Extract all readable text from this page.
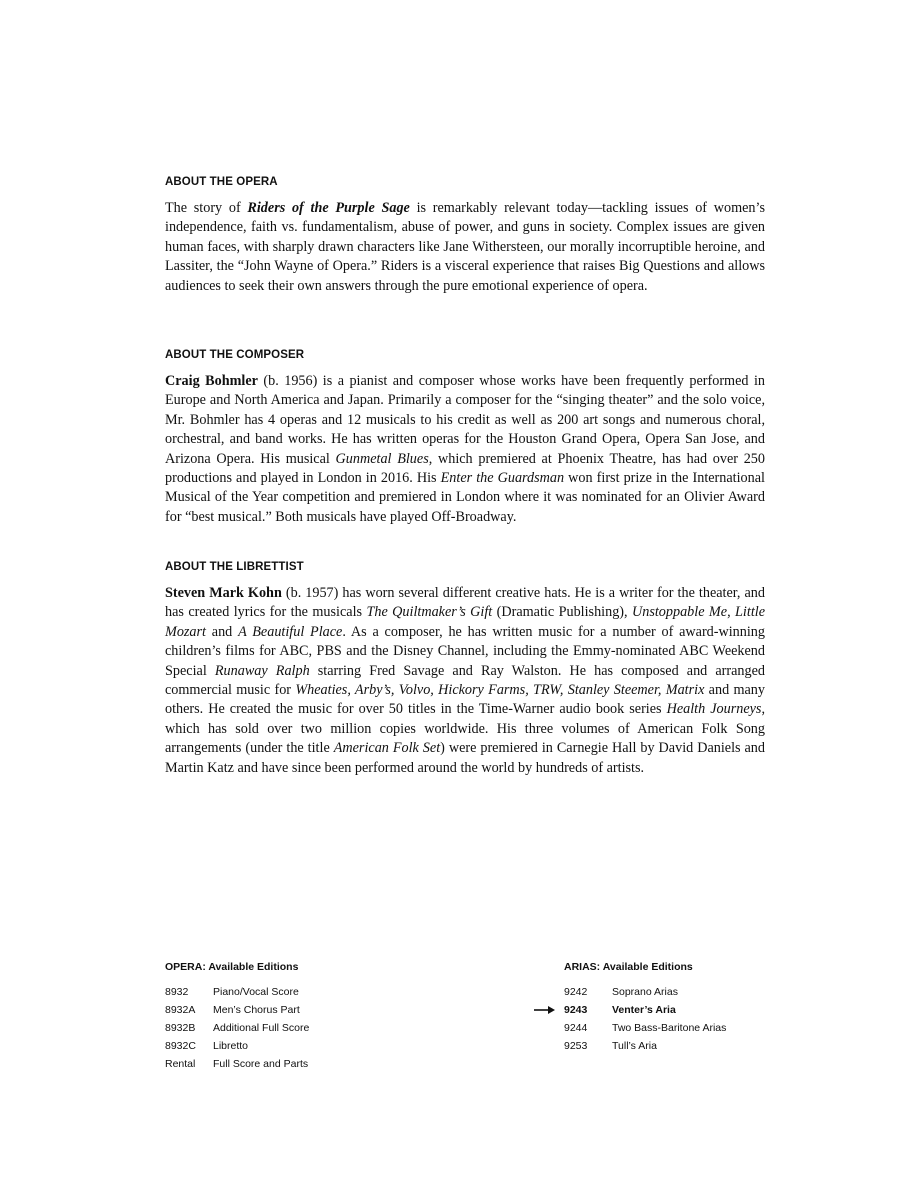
ABOUT THE OPERA

The story of Riders of the Purple Sage is remarkably relevant today—tackling issues of women’s independence, faith vs. fundamentalism, abuse of power, and guns in society. Complex issues are given human faces, with sharply drawn characters like Jane Withersteen, our morally incorruptible heroine, and Lassiter, the “John Wayne of Opera.” Riders is a visceral experience that raises Big Questions and allows audiences to seek their own answers through the pure emotional experience of opera.

ABOUT THE COMPOSER

Craig Bohmler (b. 1956) is a pianist and composer whose works have been frequently performed in Europe and North America and Japan. Primarily a composer for the “singing theater” and the solo voice, Mr. Bohmler has 4 operas and 12 musicals to his credit as well as 200 art songs and numerous choral, orchestral, and band works. He has written operas for the Houston Grand Opera, Opera San Jose, and Arizona Opera. His musical Gunmetal Blues, which premiered at Phoenix Theatre, has had over 250 productions and played in London in 2016. His Enter the Guardsman won first prize in the International Musical of the Year competition and premiered in London where it was nominated for an Olivier Award for “best musical.” Both musicals have played Off-Broadway.

ABOUT THE LIBRETTIST

Steven Mark Kohn (b. 1957) has worn several different creative hats. He is a writer for the theater, and has created lyrics for the musicals The Quiltmaker’s Gift (Dramatic Publishing), Unstoppable Me, Little Mozart and A Beautiful Place. As a composer, he has written music for a number of award-winning children’s films for ABC, PBS and the Disney Channel, including the Emmy-nominated ABC Weekend Special Runaway Ralph starring Fred Savage and Ray Walston. He has composed and arranged commercial music for Wheaties, Arby’s, Volvo, Hickory Farms, TRW, Stanley Steemer, Matrix and many others. He created the music for over 50 titles in the Time-Warner audio book series Health Journeys, which has sold over two million copies worldwide. His three volumes of American Folk Song arrangements (under the title American Folk Set) were premiered in Carnegie Hall by David Daniels and Martin Katz and have since been performed around the world by hundreds of artists.

OPERA: Available Editions
8932 Piano/Vocal Score
8932A Men’s Chorus Part
8932B Additional Full Score
8932C Libretto
Rental Full Score and Parts
ARIAS: Available Editions
9242 Soprano Arias
9243 Venter’s Aria
9244 Two Bass-Baritone Arias
9253 Tull’s Aria
